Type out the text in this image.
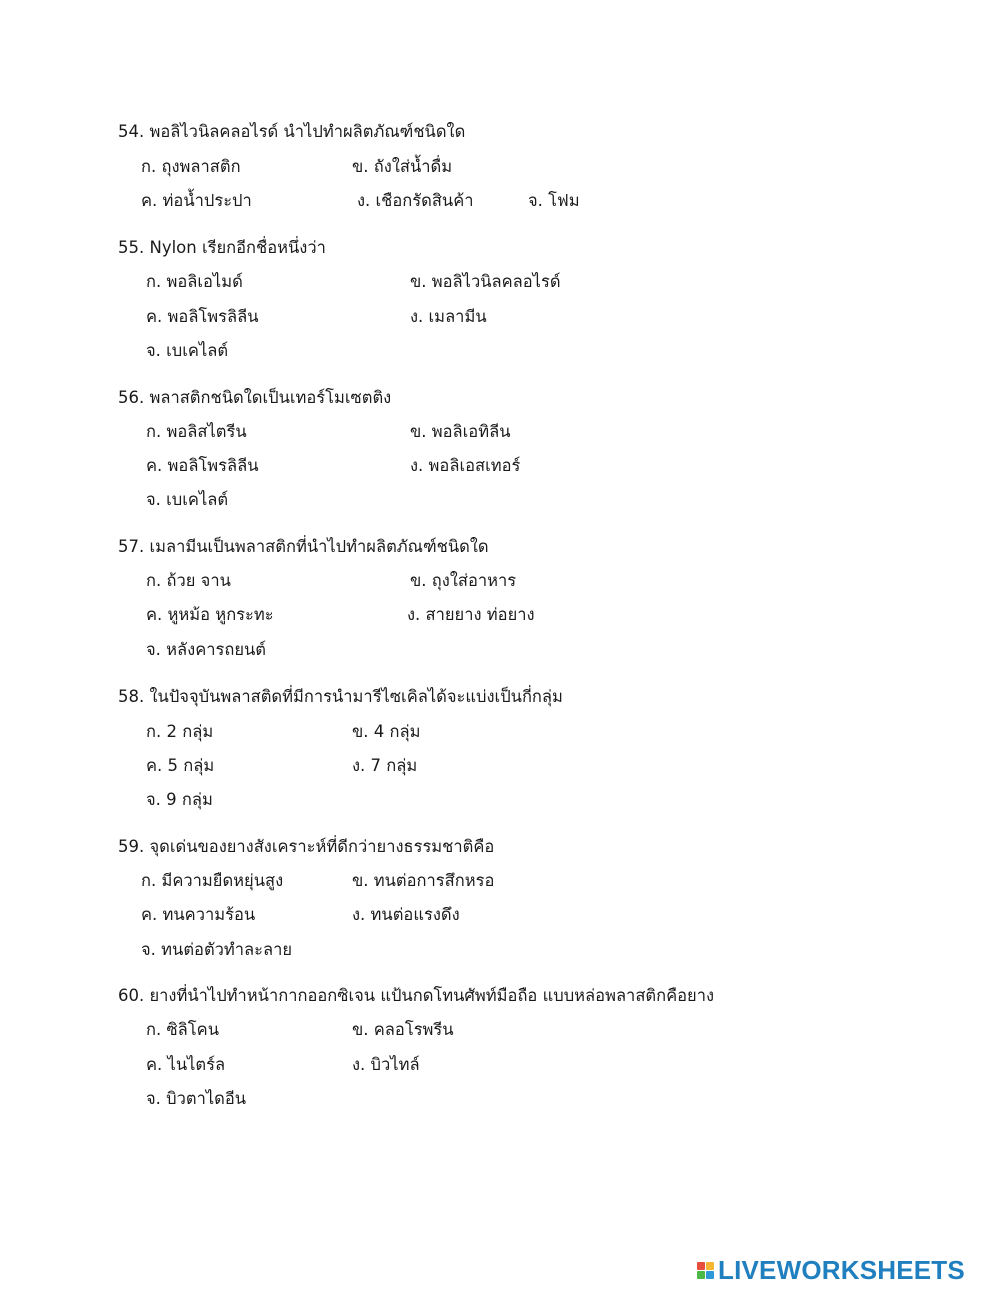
54. พอลิไวนิลคลอไรด์ นำไปทำผลิตภัณฑ์ชนิดใด
ก. ถุงพลาสติก	ข. ถังใส่น้ำดื่ม
ค. ท่อน้ำประปา	ง. เชือกรัดสินค้า	จ. โฟม
55. Nylon เรียกอีกชื่อหนึ่งว่า
ก. พอลิเอไมด์	ข. พอลิไวนิลคลอไรด์
ค. พอลิโพรลิลีน	ง. เมลามีน
จ. เบเคไลต์
56. พลาสติกชนิดใดเป็นเทอร์โมเซตติง
ก. พอลิสไตรีน	ข. พอลิเอทิลีน
ค. พอลิโพรลิลีน	ง. พอลิเอสเทอร์
จ. เบเคไลต์
57. เมลามีนเป็นพลาสติกที่นำไปทำผลิตภัณฑ์ชนิดใด
ก. ถ้วย จาน	ข. ถุงใส่อาหาร
ค. หูหม้อ หูกระทะ	ง. สายยาง ท่อยาง
จ. หลังคารถยนต์
58. ในปัจจุบันพลาสติดที่มีการนำมารีไซเคิลได้จะแบ่งเป็นกี่กลุ่ม
ก. 2 กลุ่ม	ข. 4 กลุ่ม
ค. 5 กลุ่ม	ง. 7 กลุ่ม
จ. 9 กลุ่ม
59. จุดเด่นของยางสังเคราะห์ที่ดีกว่ายางธรรมชาติคือ
ก. มีความยืดหยุ่นสูง	ข. ทนต่อการสึกหรอ
ค. ทนความร้อน	ง. ทนต่อแรงดึง
จ. ทนต่อตัวทำละลาย
60. ยางที่นำไปทำหน้ากากออกซิเจน แป้นกดโทนศัพท์มือถือ แบบหล่อพลาสติกคือยาง
ก. ซิลิโคน	ข. คลอโรพรีน
ค. ไนไตร์ล	ง. บิวไทล์
จ. บิวตาไดอีน
LIVEWORKSHEETS
